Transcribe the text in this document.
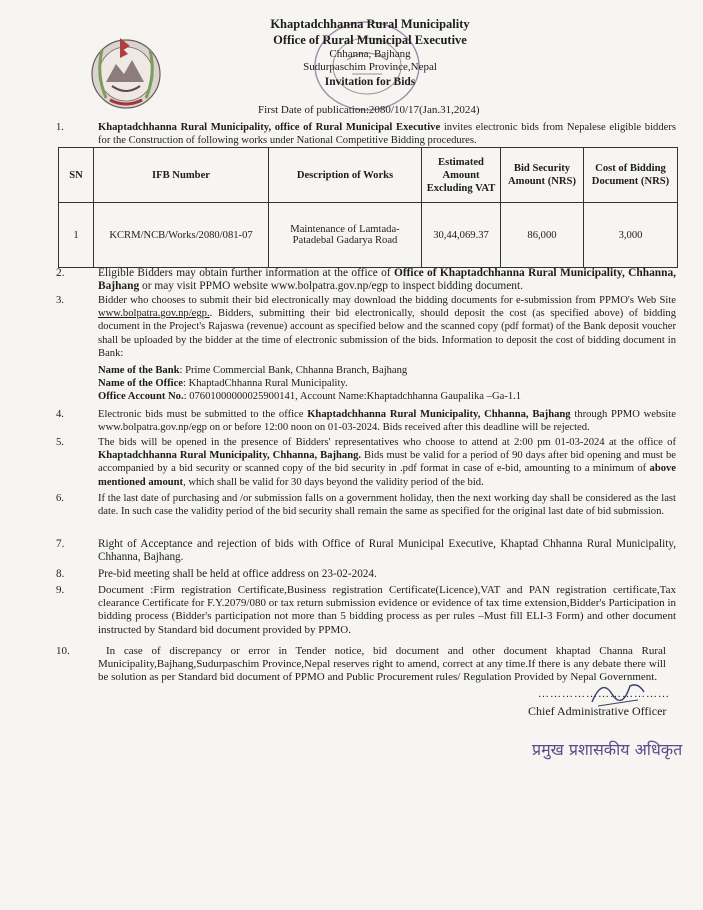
Khaptadchhanna Rural Municipality
Office of Rural Municipal Executive
Chhanna, Bajhang
Sudurpaschim Province,Nepal
Invitation for Bids
First Date of publication:2080/10/17(Jan.31,2024)
1.	Khaptadchhanna Rural Municipality, office of Rural Municipal Executive invites electronic bids from Nepalese eligible bidders for the Construction of following works under National Competitive Bidding procedures.
SN	IFB Number	Description of Works	Estimated Amount Excluding VAT	Bid Security Amount (NRS)	Cost of Bidding Document (NRS)
1	KCRM/NCB/Works/2080/081-07	Maintenance of Lamtada-Patadebal Gadarya Road	30,44,069.37	86,000	3,000
2.	Eligible Bidders may obtain further information at the office of Office of Khaptadchhanna Rural Municipality, Chhanna, Bajhang or may visit PPMO website www.bolpatra.gov.np/egp to inspect bidding document.
3.	Bidder who chooses to submit their bid electronically may download the bidding documents for e-submission from PPMO's Web Site www.bolpatra.gov.np/egp.. Bidders, submitting their bid electronically, should deposit the cost (as specified above) of bidding document in the Project's Rajaswa (revenue) account as specified below and the scanned copy (pdf format) of the Bank deposit voucher shall be uploaded by the bidder at the time of electronic submission of the bids. Information to deposit the cost of bidding document in Bank:
Name of the Bank: Prime Commercial Bank, Chhanna Branch, Bajhang
Name of the Office: KhaptadChhanna Rural Municipality.
Office Account No.: 07601000000025900141, Account Name:Khaptadchhanna Gaupalika –Ga-1.1
4.	Electronic bids must be submitted to the office Khaptadchhanna Rural Municipality, Chhanna, Bajhang through PPMO website www.bolpatra.gov.np/egp on or before 12:00 noon on 01-03-2024. Bids received after this deadline will be rejected.
5.	The bids will be opened in the presence of Bidders' representatives who choose to attend at 2:00 pm 01-03-2024 at the office of Khaptadchhanna Rural Municipality, Chhanna, Bajhang. Bids must be valid for a period of 90 days after bid opening and must be accompanied by a bid security or scanned copy of the bid security in .pdf format in case of e-bid, amounting to a minimum of above mentioned amount, which shall be valid for 30 days beyond the validity period of the bid.
6.	If the last date of purchasing and /or submission falls on a government holiday, then the next working day shall be considered as the last date. In such case the validity period of the bid security shall remain the same as specified for the original last date of bid submission.
7.	Right of Acceptance and rejection of bids with Office of Rural Municipal Executive, Khaptad Chhanna Rural Municipality, Chhanna, Bajhang.
8.	Pre-bid meeting shall be held at office address on 23-02-2024.
9.	Document :Firm registration Certificate,Business registration Certificate(Licence),VAT and PAN registration certificate,Tax clearance Certificate for F.Y.2079/080 or tax return submission evidence or evidence of tax time extension,Bidder's Participation in bidding process (Bidder's participation not more than 5 bidding process as per rules –Must fill ELI-3 Form) and other document instructed by Standard bid document provided by PPMO.
10.	In case of discrepancy or error in Tender notice, bid document and other document khaptad Channa Rural Municipality,Bajhang,Sudurpaschim Province,Nepal reserves right to amend, correct at any time.If there is any debate there will be solution as per Standard bid document of PPMO and Public Procurement rules/ Regulation Provided by Nepal Government.
……………………………
Chief Administrative Officer
प्रमुख प्रशासकीय अधिकृत
